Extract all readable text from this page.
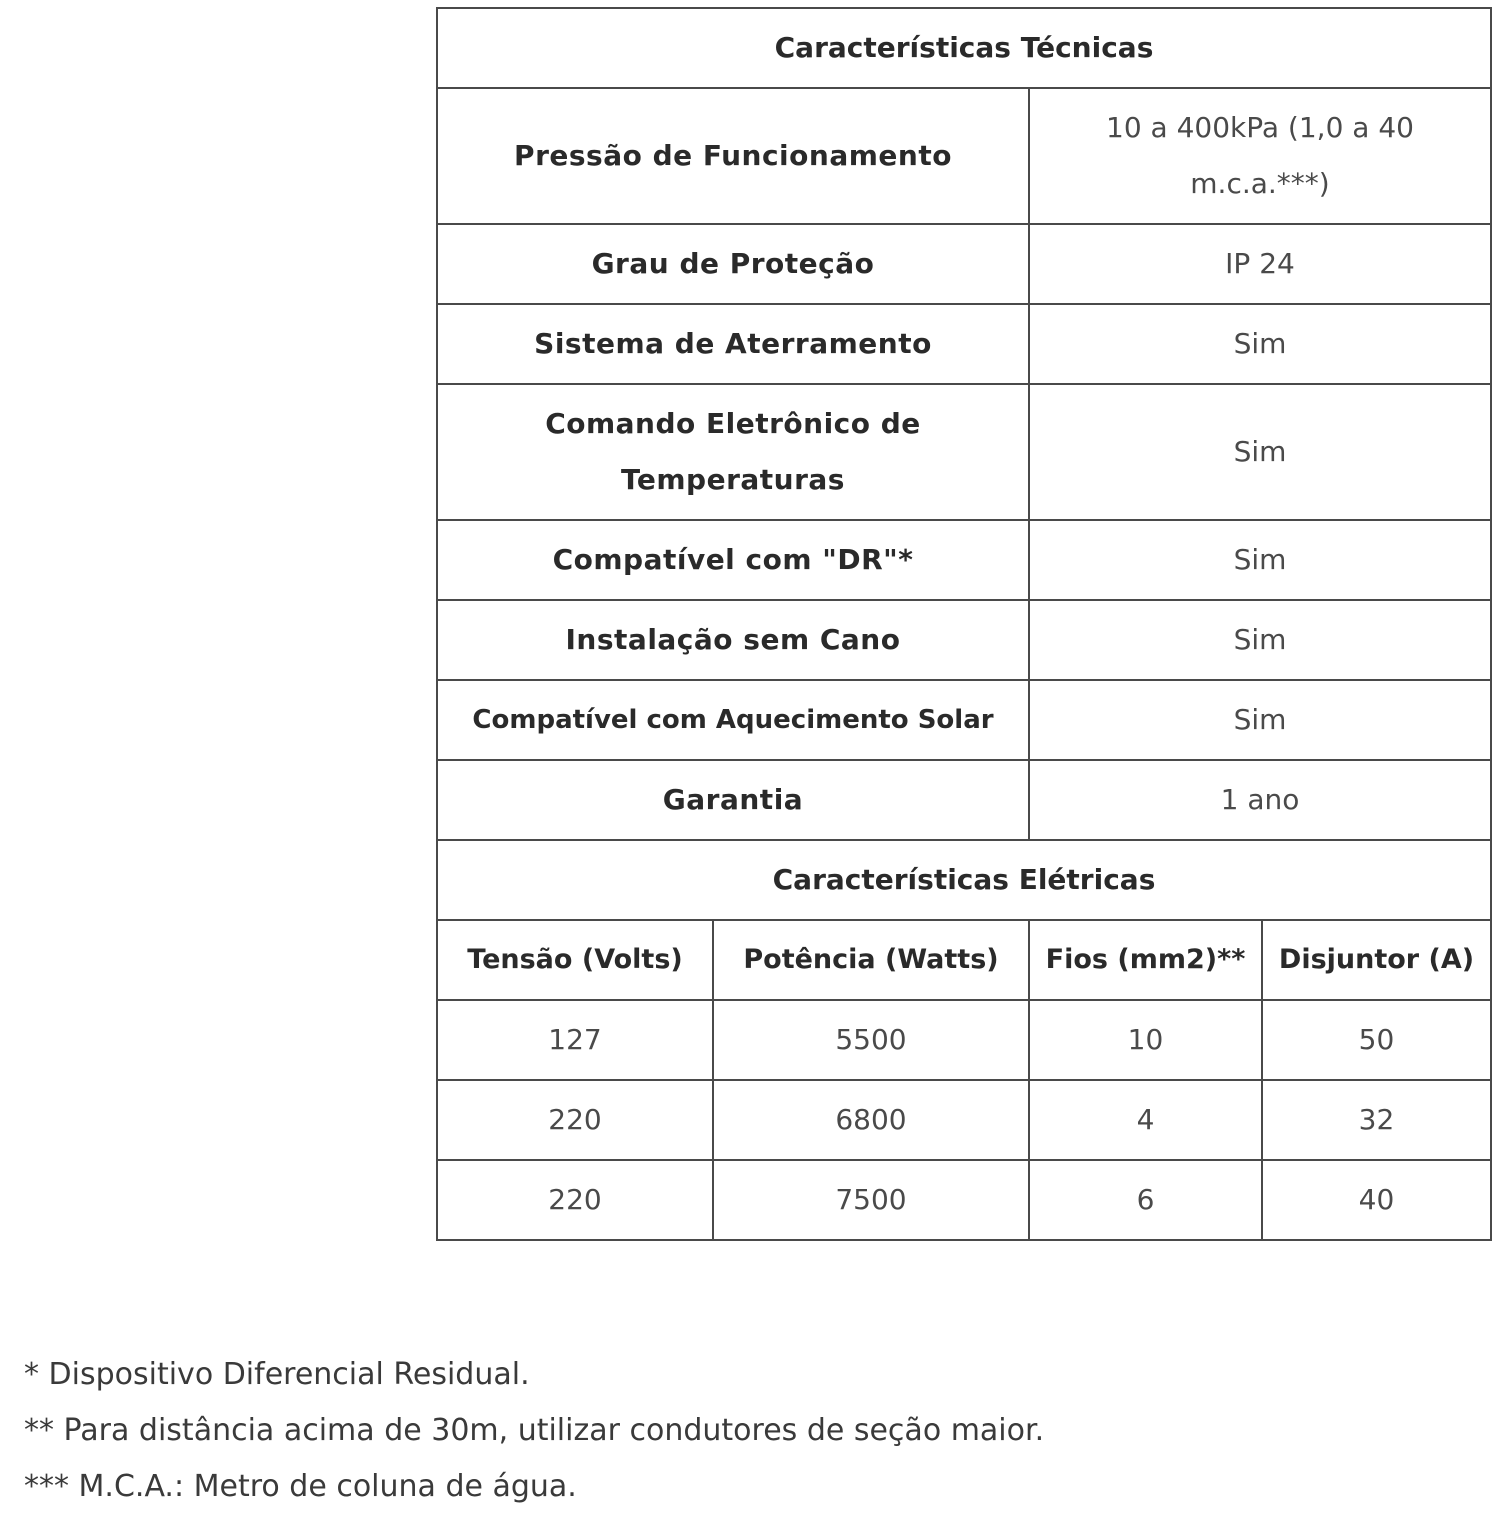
Características Técnicas			
Pressão de Funcionamento		10 a 400kPa (1,0 a 40 m.c.a.***)	
Grau de Proteção		IP 24	
Sistema de Aterramento		Sim	
Comando Eletrônico de Temperaturas		Sim	
Compatível com "DR"*		Sim	
Instalação sem Cano		Sim	
Compatível com Aquecimento Solar		Sim	
Garantia		1 ano	
Características Elétricas			
Tensão (Volts)	Potência (Watts)	Fios (mm2)**	Disjuntor (A)
127	5500	10	50
220	6800	4	32
220	7500	6	40
* Dispositivo Diferencial Residual.
** Para distância acima de 30m, utilizar condutores de seção maior.
*** M.C.A.: Metro de coluna de água.
